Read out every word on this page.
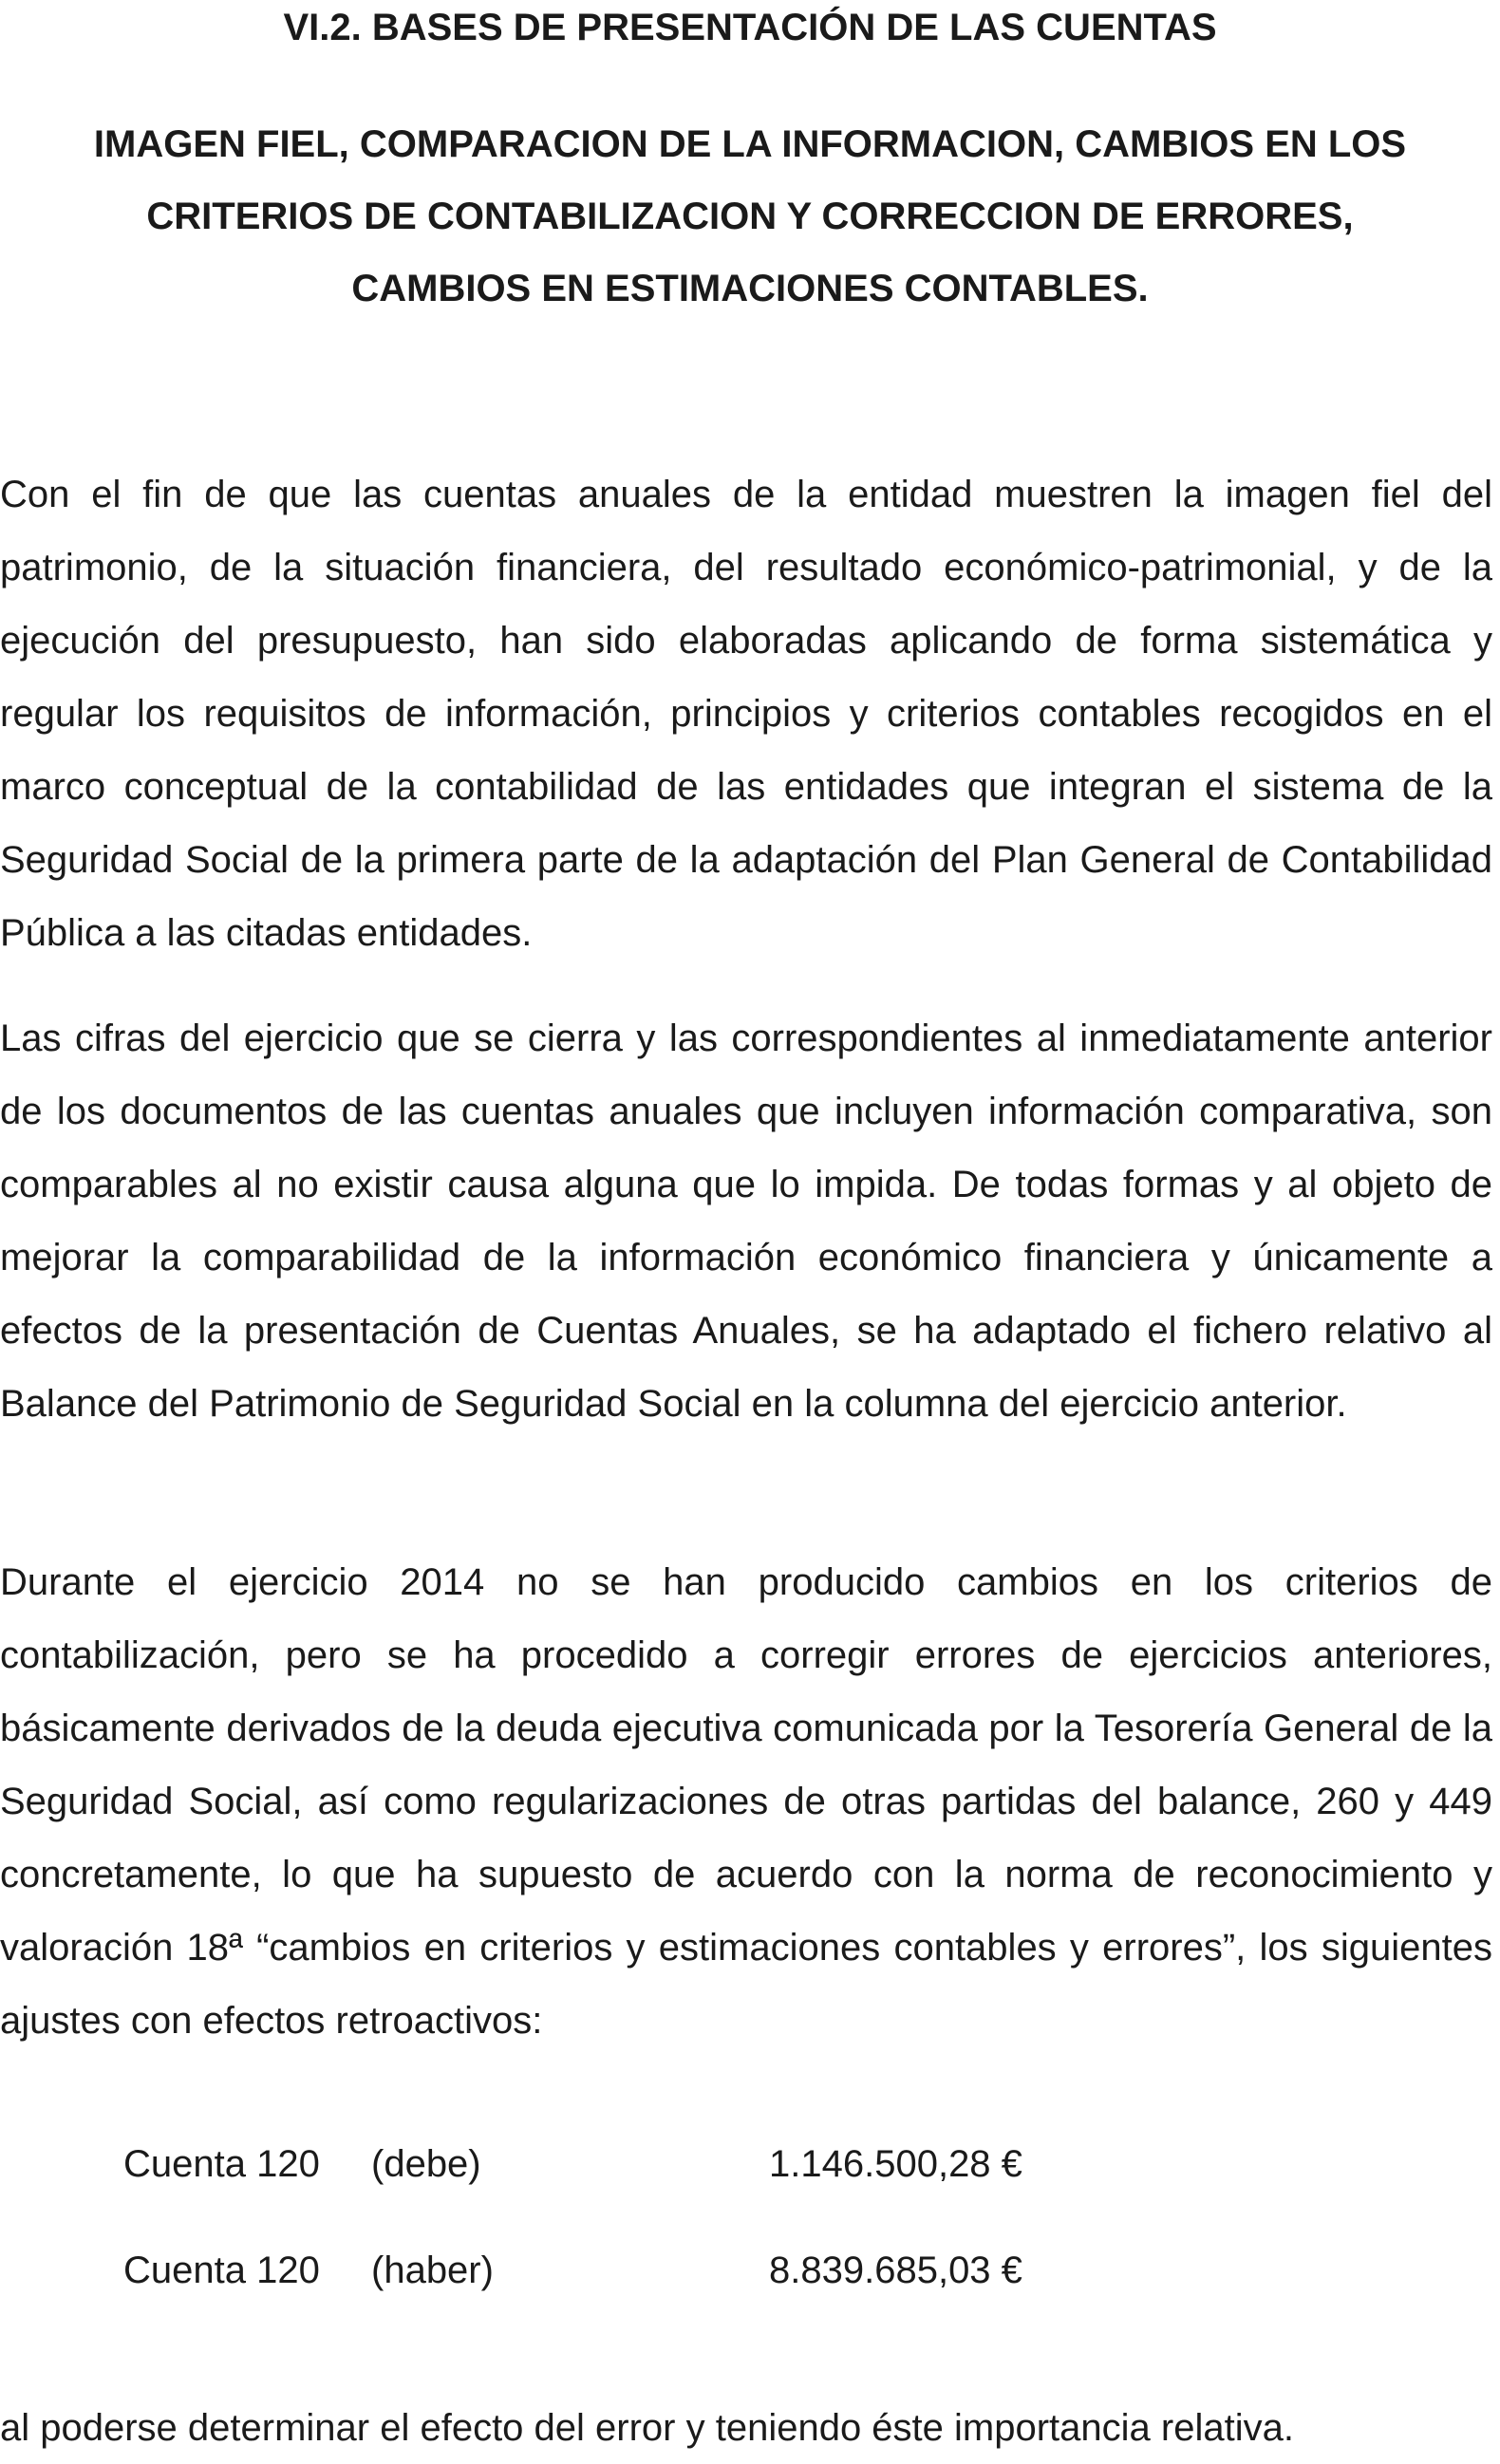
VI.2. BASES DE PRESENTACIÓN DE LAS CUENTAS
IMAGEN FIEL, COMPARACION DE LA INFORMACION, CAMBIOS EN LOS
CRITERIOS DE CONTABILIZACION Y CORRECCION DE ERRORES,
CAMBIOS EN ESTIMACIONES CONTABLES.

Con el fin de que las cuentas anuales de la entidad muestren la imagen fiel del patrimonio, de la situación financiera, del resultado económico-patrimonial, y de la ejecución del presupuesto, han sido elaboradas aplicando de forma sistemática y regular los requisitos de información, principios y criterios contables recogidos en el marco conceptual de la contabilidad de las entidades que integran el sistema de la Seguridad Social de la primera parte de la adaptación del Plan General de Contabilidad Pública a las citadas entidades.

Las cifras del ejercicio que se cierra y las correspondientes al inmediatamente anterior de los documentos de las cuentas anuales que incluyen información comparativa, son comparables al no existir causa alguna que lo impida. De todas formas y al objeto de mejorar la comparabilidad de la información económico financiera y únicamente a efectos de la presentación de Cuentas Anuales, se ha adaptado el fichero relativo al Balance del Patrimonio de Seguridad Social en la columna del ejercicio anterior.

Durante el ejercicio 2014 no se han producido cambios en los criterios de contabilización, pero se ha procedido a corregir errores de ejercicios anteriores, básicamente derivados de la deuda ejecutiva comunicada por la Tesorería General de la Seguridad Social, así como regularizaciones de otras partidas del balance, 260 y 449 concretamente, lo que ha supuesto de acuerdo con la norma de reconocimiento y valoración 18ª “cambios en criterios y estimaciones contables y errores”, los siguientes ajustes con efectos retroactivos:

Cuenta 120 (debe)	1.146.500,28 €
Cuenta 120 (haber)	8.839.685,03 €

al poderse determinar el efecto del error y teniendo éste importancia relativa.
